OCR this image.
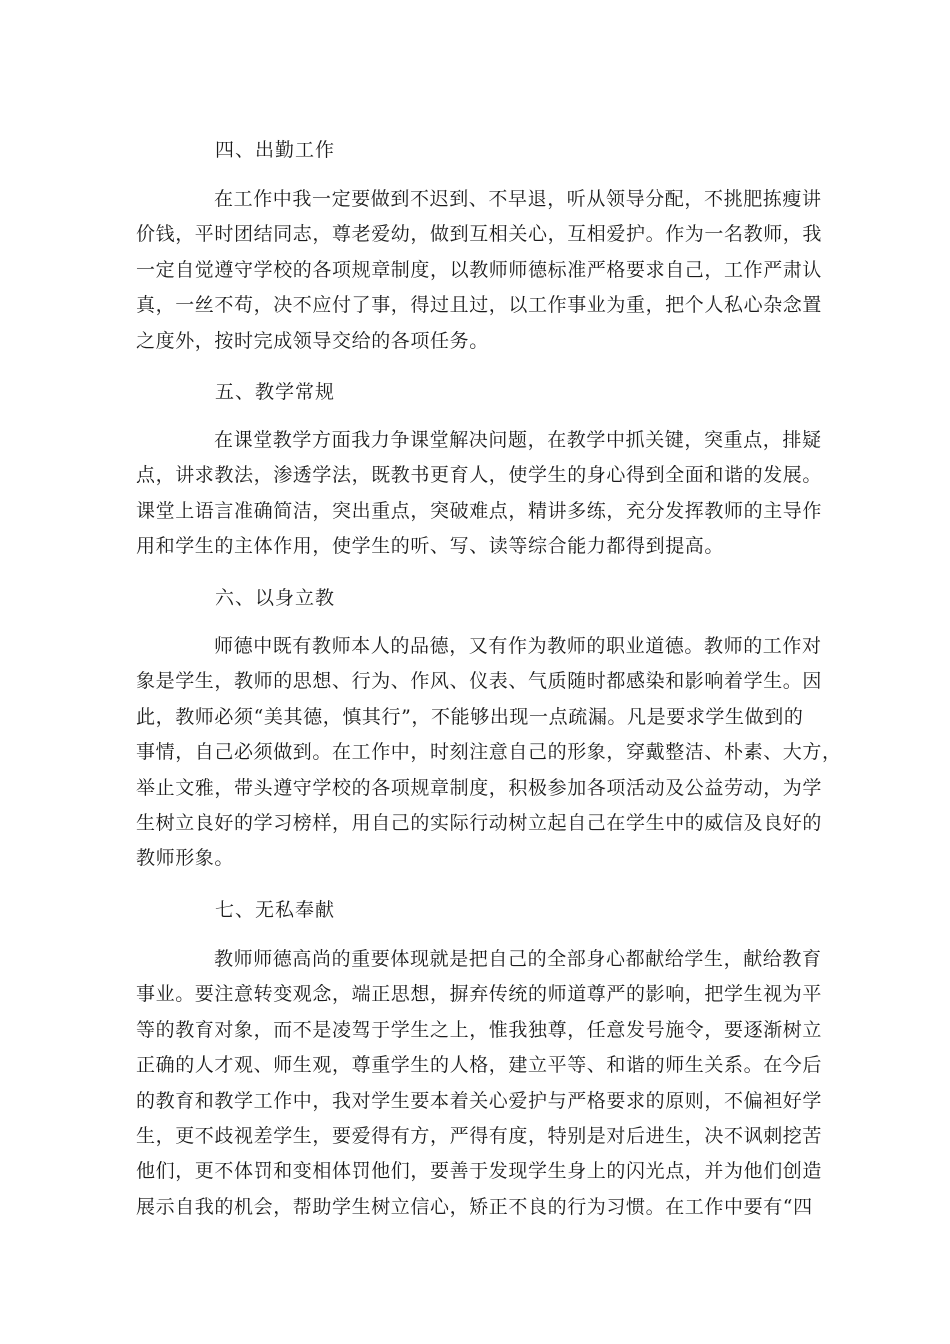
四、出勤工作
在工作中我一定要做到不迟到、不早退，听从领导分配，不挑肥拣瘦讲
价钱，平时团结同志，尊老爱幼，做到互相关心，互相爱护。作为一名教师，我
一定自觉遵守学校的各项规章制度，以教师师德标准严格要求自己，工作严肃认
真，一丝不苟，决不应付了事，得过且过，以工作事业为重，把个人私心杂念置
之度外，按时完成领导交给的各项任务。
五、教学常规
在课堂教学方面我力争课堂解决问题，在教学中抓关键，突重点，排疑
点，讲求教法，渗透学法，既教书更育人，使学生的身心得到全面和谐的发展。
课堂上语言准确简洁，突出重点，突破难点，精讲多练，充分发挥教师的主导作
用和学生的主体作用，使学生的听、写、读等综合能力都得到提高。
六、以身立教
师德中既有教师本人的品德，又有作为教师的职业道德。教师的工作对
象是学生，教师的思想、行为、作风、仪表、气质随时都感染和影响着学生。因
此，教师必须“美其德，慎其行”，不能够出现一点疏漏。凡是要求学生做到的
事情，自己必须做到。在工作中，时刻注意自己的形象，穿戴整洁、朴素、大方，
举止文雅，带头遵守学校的各项规章制度，积极参加各项活动及公益劳动，为学
生树立良好的学习榜样，用自己的实际行动树立起自己在学生中的威信及良好的
教师形象。
七、无私奉献
教师师德高尚的重要体现就是把自己的全部身心都献给学生，献给教育
事业。要注意转变观念，端正思想，摒弃传统的师道尊严的影响，把学生视为平
等的教育对象，而不是凌驾于学生之上，惟我独尊，任意发号施令，要逐渐树立
正确的人才观、师生观，尊重学生的人格，建立平等、和谐的师生关系。在今后
的教育和教学工作中，我对学生要本着关心爱护与严格要求的原则，不偏袒好学
生，更不歧视差学生，要爱得有方，严得有度，特别是对后进生，决不讽刺挖苦
他们，更不体罚和变相体罚他们，要善于发现学生身上的闪光点，并为他们创造
展示自我的机会，帮助学生树立信心，矫正不良的行为习惯。在工作中要有“四
